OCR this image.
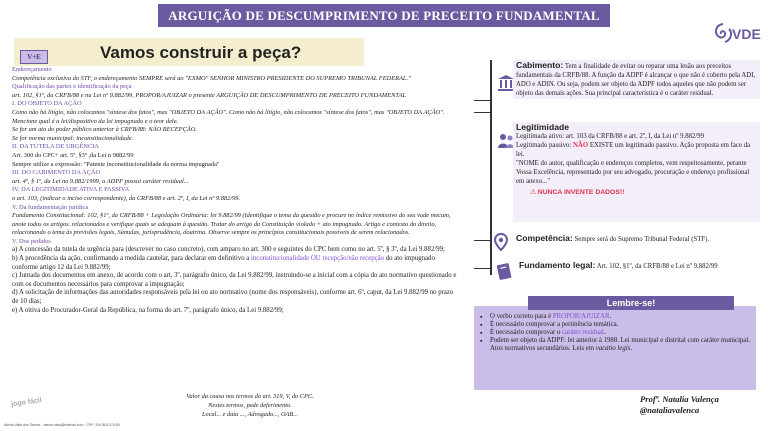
ARGUIÇÃO DE DESCUMPRIMENTO DE PRECEITO FUNDAMENTAL
VDE
Vamos construir a peça?
V+E

Endereçamento

Competência exclusiva do STF, o endereçamento SEMPRE será ao "EXMO" SENHOR MINISTRO PRESIDENTE DO SUPREMO TRIBUNAL FEDERAL."

Qualificação das partes e identificação da peça

art. 102, §1º, da CRFB/88 e na Lei nº 9.882/99, PROPOR/AJUIZAR o presente ARGUIÇÃO DE DESCUMPRIMENTO DE PRECEITO FUNDAMENTAL

I. DO OBJETO DA AÇÃO

Como não há litígio, não colocamos "síntese dos fatos", mas "OBJETO DA AÇÃO". Como não há litígio, não colocamos "síntese dos fatos", mas "OBJETO DA AÇÃO". Mencione qual é a lei/dispositivo da lei impugnado e o teor dele.

Se for um ato do poder público anterior à CRFB/88: NÃO RECEPÇÃO.

Se for norma municipal: inconstitucionalidade.

II. DA TUTELA DE URGÊNCIA

Art. 300 do CPC+ art. 5º, §3º ,da Lei n 9882/99

Sempre utilize a expressão: "Patente inconstitucionalidade da norma impugnada"

III. DO CABIMENTO DA AÇÃO

art. 4º, § 1º, da Lei no 9.882/1999, a ADPF possui caráter residual...

IV. DA LEGITIMIDADE ATIVA E PASSIVA

o art. 103, (indicar o inciso correspondente), da CRFB/88 e art. 2º, I, da Lei nº 9.882/99.

V. Da fundamentação jurídica

Fundamento Constitucional: 102, §1º, da CRFB/88 + Legislação Ordinária: lei 9.882/99 (Identifique o tema da questão e procure no índice remissivo do seu vade mecum, anote todos os artigos. relacionados e verifique quais se adequam à questão. Tratar do artigo da Constituição violado + ato impugnado. Artigo e contexto do direito, relacionando o tema às previsões legais, Súmulas, jurisprudência, doutrina. Observe sempre os princípios constitucionais possíveis de serem relacionados.

V. Dos pedidos

a) A concessão da tutela de urgência para (descrever no caso concreto), com amparo no art. 300 e seguintes do CPC bem como no art. 5º, § 3º, da Lei 9.882/99;

b) A procedência da ação, confirmando a medida cautelar, para declarar em definitivo a inconstitucionalidade OU recepção/não recepção do ato impugnado conforme artigo 12 da Lei 9.882/99;

c) Juntada dos documentos em anexo, de acordo com o art. 3º, parágrafo único, da Lei 9.882/99, instruindo-se a inicial com a cópia do ato normativo questionado e com os documentos necessários para comprovar a impugnação;

d) A solicitação de informações das autoridades responsáveis pela lei ou ato normativo (nome dos responsáveis), conforme art. 6º, caput, da Lei 9.882/99 no prazo de 10 dias;

e) A oitiva do Procurador-Geral da República, na forma do art. 7º, parágrafo único, da Lei 9.882/99;

Valor da causa nos termos do art. 319, V, do CPC.

Nestes termos, pede deferimento.

Local... e data ..., Advogado..., OAB...

jogo fácil
Alexia Valia dos Santos · alexie.valia@hotmail.com · CPF: 204.804.374-80
Cabimento: Tem a finalidade de evitar ou reparar uma lesão aos preceitos fundamentais da CRFB/88. A função da ADPF é alcançar o que não é coberto pela ADI, ADO e ADIN. Ou seja, podem ser objeto da ADPF todos aqueles que não podem ser objeto das demais ações. Sua principal característica é o caráter residual.

Legitimidade

Legitimada ativo: art. 103 da CRFB/88 e art. 2º, I, da Lei nº 9.882/99

Legitimado passivo: NÃO EXISTE um legitimado passivo. Ação proposta em face da lei.

"NOME do autor, qualificação e endereços completos, vem respeitosamente, perante Vossa Excelência, representado por seu advogado, procuração e endereço profissional em anexo..."

⚠ NUNCA INVENTE DADOS!!

Competência: Sempre será do Supremo Tribunal Federal (STF).
Fundamento legal: Art. 102, §1º, da CRFB/88 e Lei nº 9.882/99
▪ O verbo correto para é PROPOR/AJUIZAR.
▪ É necessário comprovar a pertinência temática.
▪ É necessário comprovar o caráter residual.
▪ Podem ser objeto da ADPF: lei anterior à 1988. Lei municipal e distrital com caráter municipal. Atos normativos secundários. Leis em vacatio legis.
Lembre-se!

Profª. Natalia Valença

@nataliavalenca
